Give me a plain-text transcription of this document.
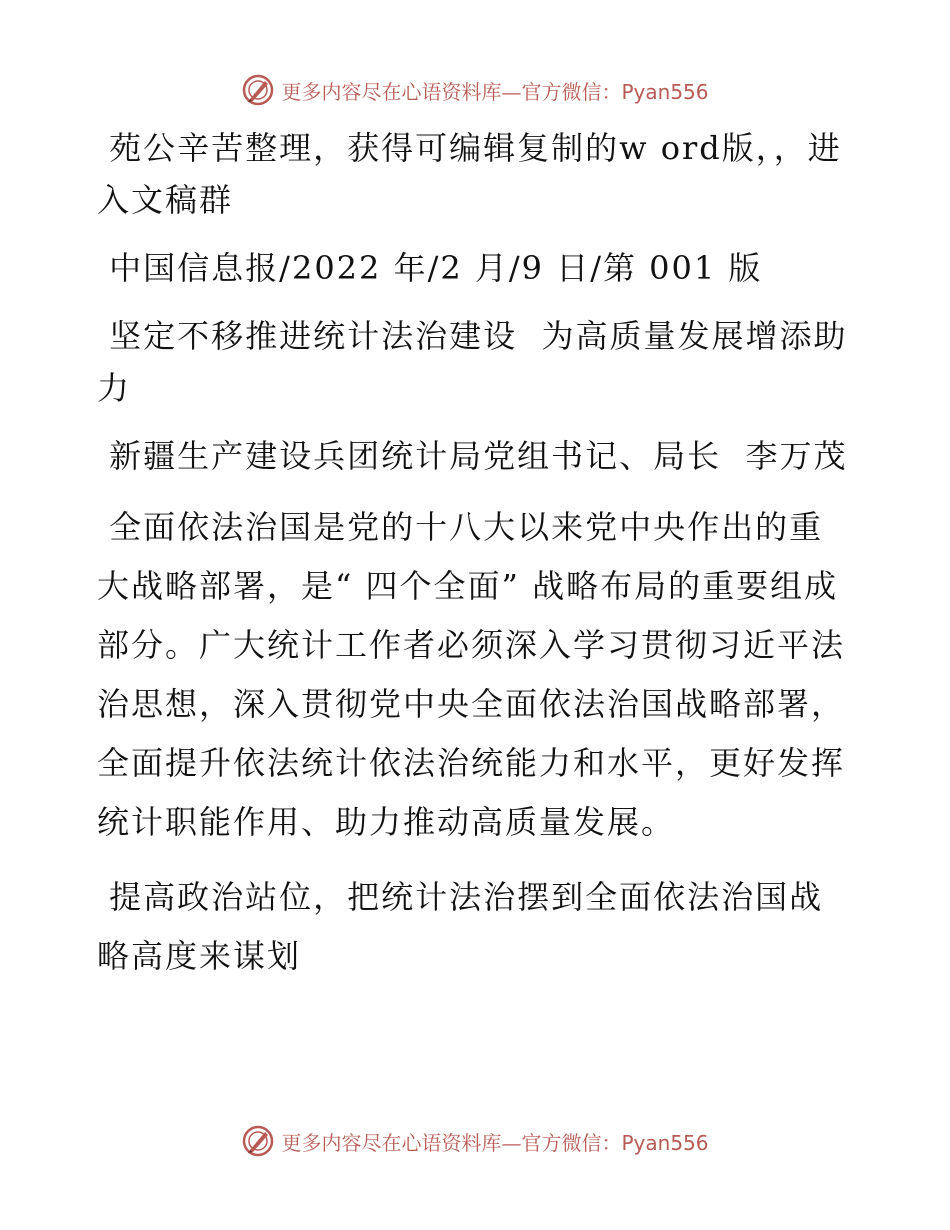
更多内容尽在心语资料库—官方微信：Pyan556

苑公辛苦整理，获得可编辑复制的w ord版，，进入文稿群

中国信息报/2022 年/2 月/9 日/第 001 版

坚定不移推进统计法治建设  为高质量发展增添助力

新疆生产建设兵团统计局党组书记、局长  李万茂

全面依法治国是党的十八大以来党中央作出的重大战略部署，是“ 四个全面” 战略布局的重要组成部分。广大统计工作者必须深入学习贯彻习近平法治思想，深入贯彻党中央全面依法治国战略部署，全面提升依法统计依法治统能力和水平，更好发挥统计职能作用、助力推动高质量发展。

提高政治站位，把统计法治摆到全面依法治国战略高度来谋划

更多内容尽在心语资料库—官方微信：Pyan556
